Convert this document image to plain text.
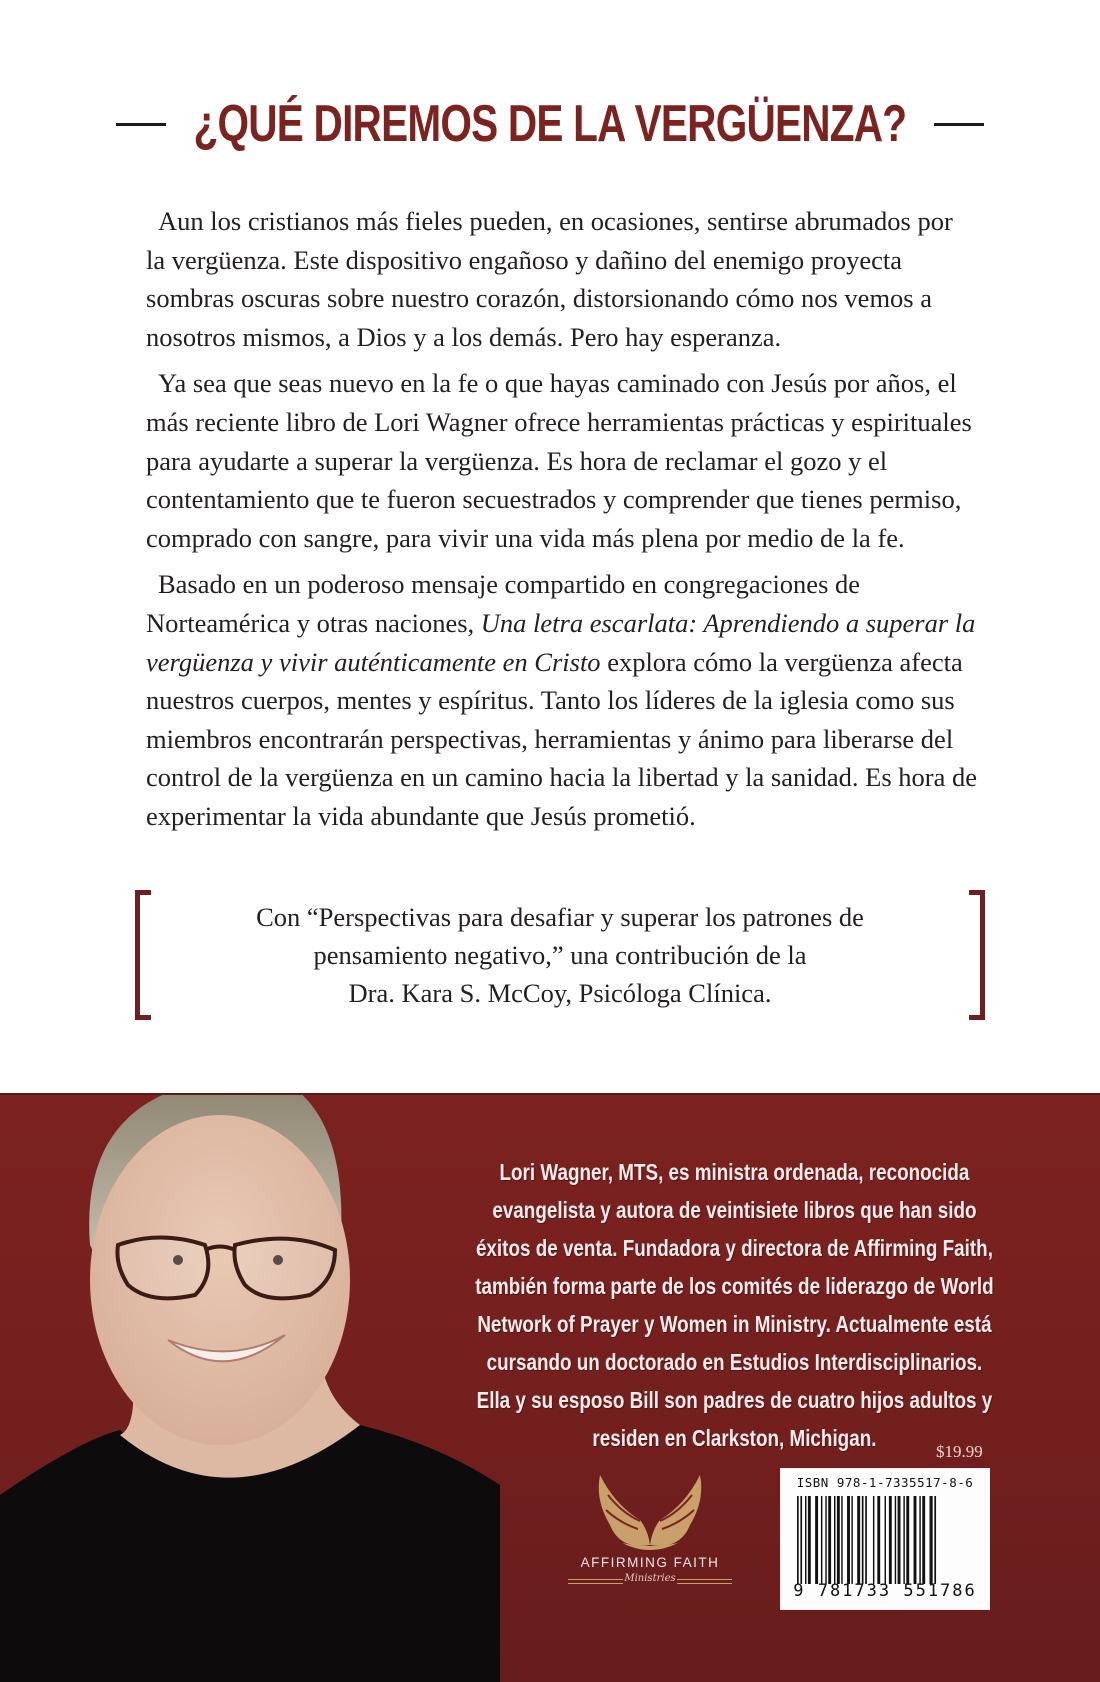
¿QUÉ DIREMOS DE LA VERGÜENZA?

Aun los cristianos más fieles pueden, en ocasiones, sentirse abrumados por la vergüenza. Este dispositivo engañoso y dañino del enemigo proyecta sombras oscuras sobre nuestro corazón, distorsionando cómo nos vemos a nosotros mismos, a Dios y a los demás. Pero hay esperanza.

Ya sea que seas nuevo en la fe o que hayas caminado con Jesús por años, el más reciente libro de Lori Wagner ofrece herramientas prácticas y espirituales para ayudarte a superar la vergüenza. Es hora de reclamar el gozo y el contentamiento que te fueron secuestrados y comprender que tienes permiso, comprado con sangre, para vivir una vida más plena por medio de la fe.

Basado en un poderoso mensaje compartido en congregaciones de Norteamérica y otras naciones, Una letra escarlata: Aprendiendo a superar la vergüenza y vivir auténticamente en Cristo explora cómo la vergüenza afecta nuestros cuerpos, mentes y espíritus. Tanto los líderes de la iglesia como sus miembros encontrarán perspectivas, herramientas y ánimo para liberarse del control de la vergüenza en un camino hacia la libertad y la sanidad. Es hora de experimentar la vida abundante que Jesús prometió.

Con “Perspectivas para desafiar y superar los patrones de
pensamiento negativo,” una contribución de la
Dra. Kara S. McCoy, Psicóloga Clínica.
Lori Wagner, MTS, es ministra ordenada, reconocida evangelista y autora de veintisiete libros que han sido éxitos de venta. Fundadora y directora de Affirming Faith, también forma parte de los comités de liderazgo de World Network of Prayer y Women in Ministry. Actualmente está cursando un doctorado en Estudios Interdisciplinarios. Ella y su esposo Bill son padres de cuatro hijos adultos y residen en Clarkston, Michigan.
AFFIRMING FAITH
Ministries
$19.99
ISBN 978-1-7335517-8-6
9 781733 551786
